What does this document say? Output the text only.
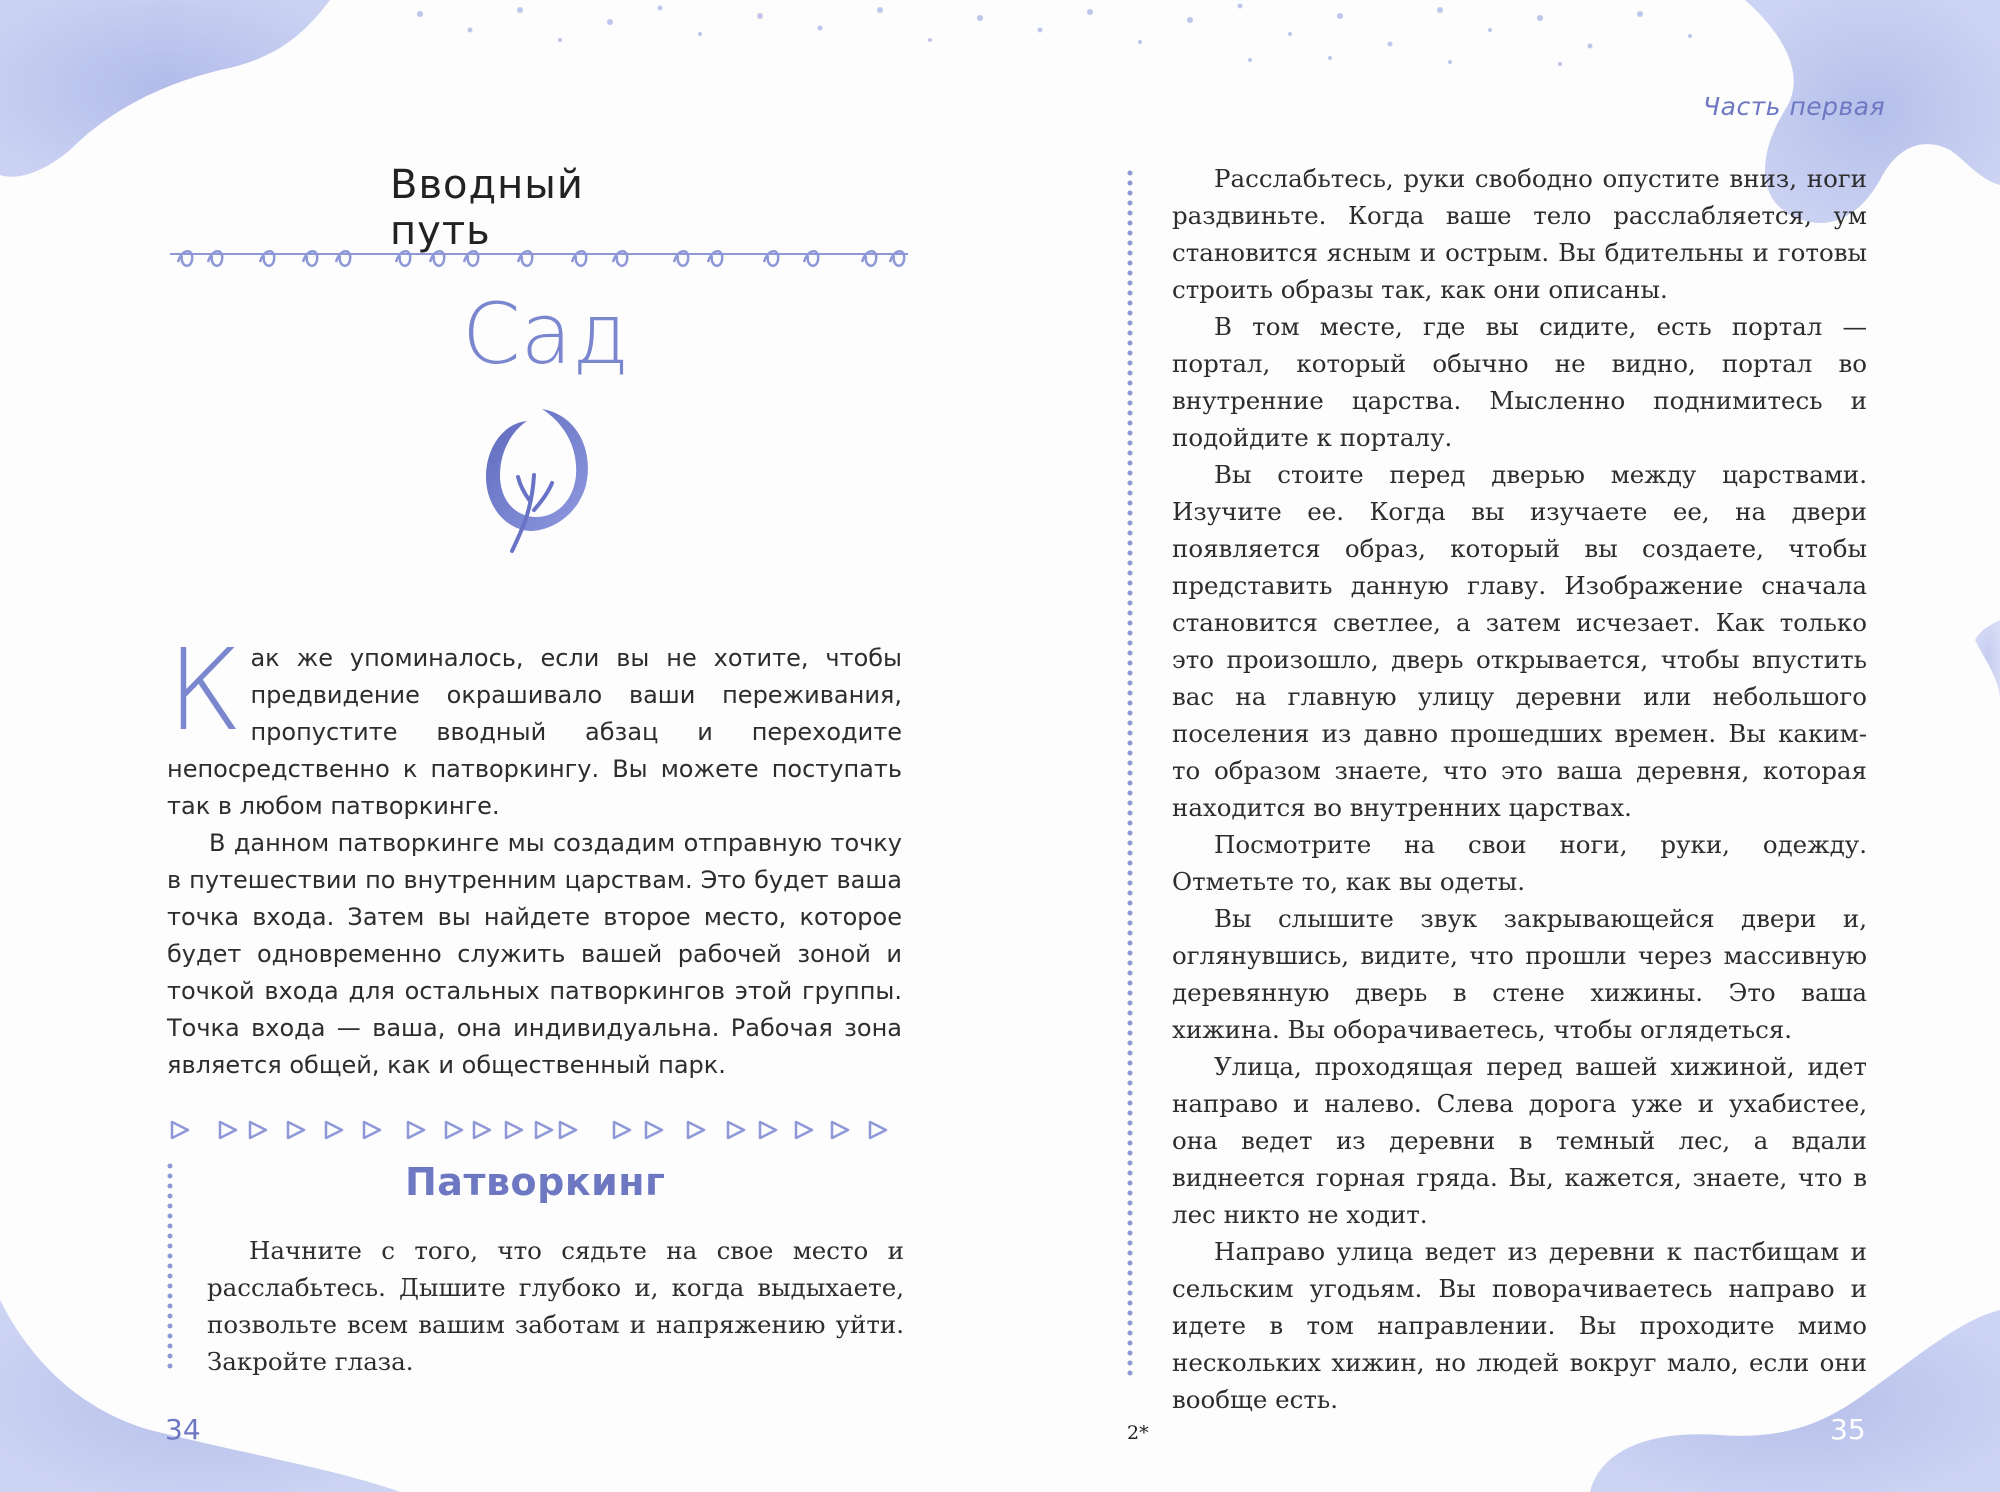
Часть первая
Вводный путь
Сад
К ак же упоминалось, если вы не хотите, чтобы предвидение окрашивало ваши переживания, пропустите вводный абзац и переходите непосредственно к патворкингу. Вы можете поступать так в любом патворкинге.

В данном патворкинге мы создадим отправную точку в путешествии по внутренним царствам. Это будет ваша точка входа. Затем вы найдете второе место, которое будет одновременно служить вашей рабочей зоной и точкой входа для остальных патворкингов этой группы. Точка входа — ваша, она индивидуальна. Рабочая зона является общей, как и общественный парк.

Патворкинг

Начните с того, что сядьте на свое место и расслабьтесь. Дышите глубоко и, когда выдыхаете, позвольте всем вашим заботам и напряжению уйти. Закройте глаза.

Расслабьтесь, руки свободно опустите вниз, ноги раздвиньте. Когда ваше тело расслабляется, ум становится ясным и острым. Вы бдительны и готовы строить образы так, как они описаны.

В том месте, где вы сидите, есть портал — портал, который обычно не видно, портал во внутренние царства. Мысленно поднимитесь и подойдите к порталу.

Вы стоите перед дверью между царствами. Изучите ее. Когда вы изучаете ее, на двери появляется образ, который вы создаете, чтобы представить данную главу. Изображение сначала становится светлее, а затем исчезает. Как только это произошло, дверь открывается, чтобы впустить вас на главную улицу деревни или небольшого поселения из давно прошедших времен. Вы каким-то образом знаете, что это ваша деревня, которая находится во внутренних царствах.

Посмотрите на свои ноги, руки, одежду. Отметьте то, как вы одеты.

Вы слышите звук закрывающейся двери и, оглянувшись, видите, что прошли через массивную деревянную дверь в стене хижины. Это ваша хижина. Вы оборачиваетесь, чтобы оглядеться.

Улица, проходящая перед вашей хижиной, идет направо и налево. Слева дорога уже и ухабистее, она ведет из деревни в темный лес, а вдали виднеется горная гряда. Вы, кажется, знаете, что в лес никто не ходит.

Направо улица ведет из деревни к пастбищам и сельским угодьям. Вы поворачиваетесь направо и идете в том направлении. Вы проходите мимо нескольких хижин, но людей вокруг мало, если они вообще есть.

34	35
2*
